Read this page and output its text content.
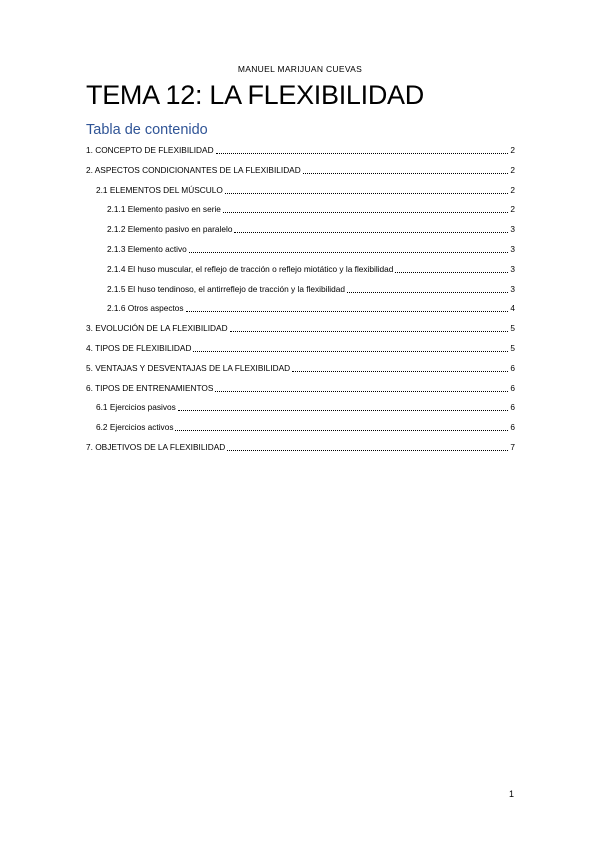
MANUEL MARIJUAN CUEVAS
TEMA 12: LA FLEXIBILIDAD
Tabla de contenido
1. CONCEPTO DE FLEXIBILIDAD	2
2. ASPECTOS CONDICIONANTES DE LA FLEXIBILIDAD	2
2.1 ELEMENTOS DEL MÚSCULO	2
2.1.1 Elemento pasivo en serie	2
2.1.2 Elemento pasivo en paralelo	3
2.1.3 Elemento activo	3
2.1.4 El huso muscular, el reflejo de tracción o reflejo miotático y la flexibilidad	3
2.1.5 El huso tendinoso, el antirreflejo de tracción y la flexibilidad	3
2.1.6 Otros aspectos	4
3. EVOLUCIÓN DE LA FLEXIBILIDAD	5
4. TIPOS DE FLEXIBILIDAD	5
5. VENTAJAS Y DESVENTAJAS DE LA FLEXIBILIDAD	6
6. TIPOS DE ENTRENAMIENTOS	6
6.1 Ejercicios pasivos	6
6.2 Ejercicios activos	6
7. OBJETIVOS DE LA FLEXIBILIDAD	7
1
